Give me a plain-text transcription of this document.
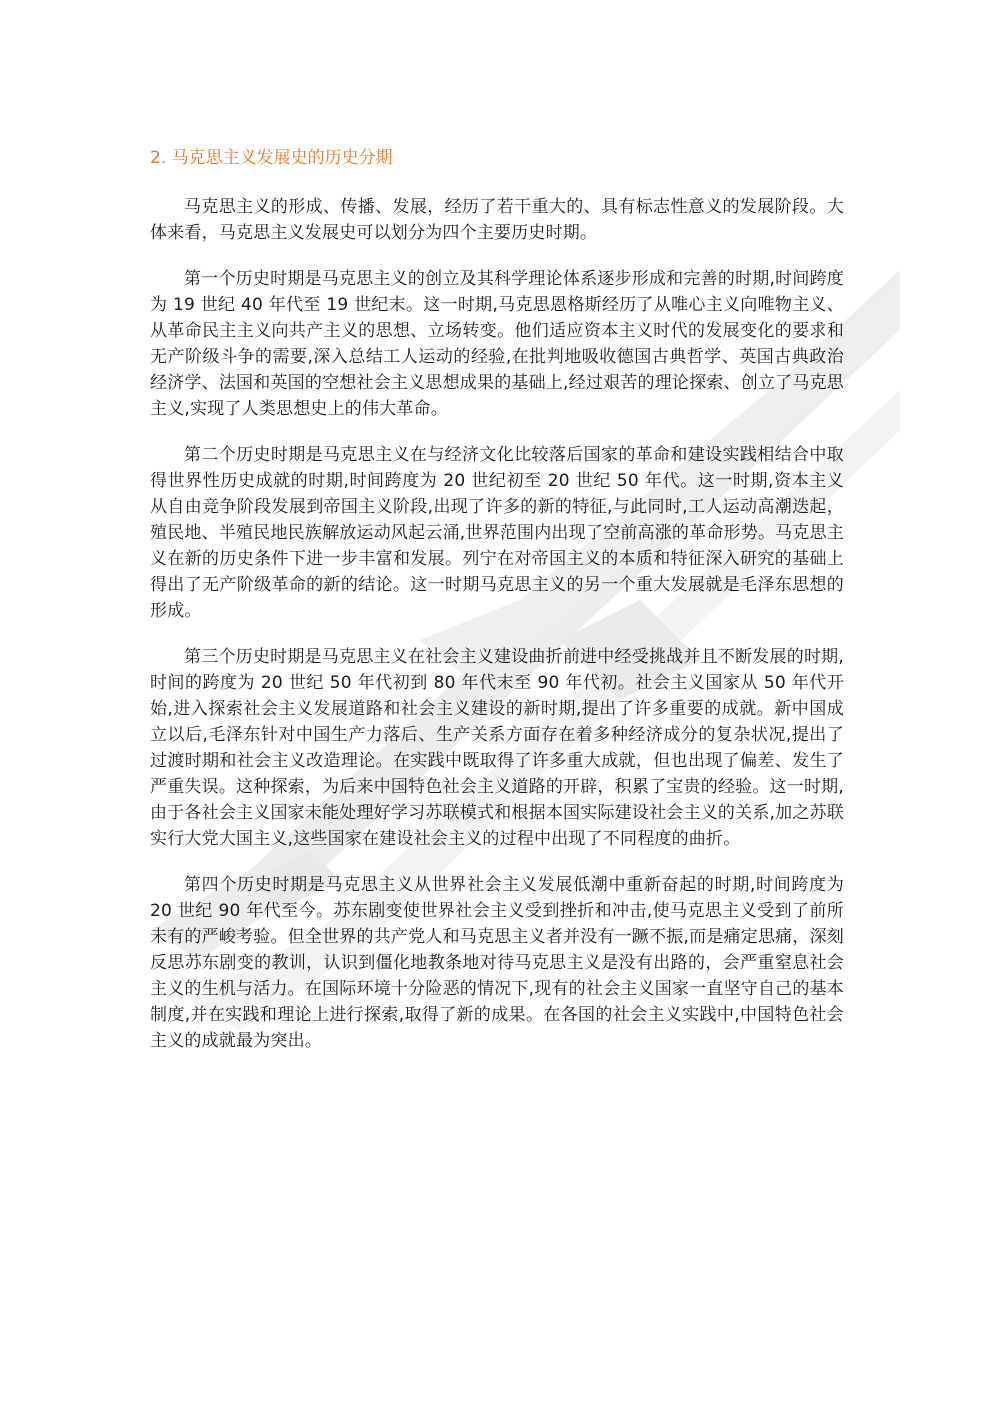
2. 马克思主义发展史的历史分期

马克思主义的形成、传播、发展，经历了若干重大的、具有标志性意义的发展阶段。大体来看，马克思主义发展史可以划分为四个主要历史时期。

第一个历史时期是马克思主义的创立及其科学理论体系逐步形成和完善的时期,时间跨度为 19 世纪 40 年代至 19 世纪末。这一时期,马克思恩格斯经历了从唯心主义向唯物主义、从革命民主主义向共产主义的思想、立场转变。他们适应资本主义时代的发展变化的要求和无产阶级斗争的需要,深入总结工人运动的经验,在批判地吸收德国古典哲学、英国古典政治经济学、法国和英国的空想社会主义思想成果的基础上,经过艰苦的理论探索、创立了马克思主义,实现了人类思想史上的伟大革命。

第二个历史时期是马克思主义在与经济文化比较落后国家的革命和建设实践相结合中取得世界性历史成就的时期,时间跨度为 20 世纪初至 20 世纪 50 年代。这一时期,资本主义从自由竞争阶段发展到帝国主义阶段,出现了许多的新的特征,与此同时,工人运动高潮迭起，殖民地、半殖民地民族解放运动风起云涌,世界范围内出现了空前高涨的革命形势。马克思主义在新的历史条件下进一步丰富和发展。列宁在对帝国主义的本质和特征深入研究的基础上得出了无产阶级革命的新的结论。这一时期马克思主义的另一个重大发展就是毛泽东思想的形成。

第三个历史时期是马克思主义在社会主义建设曲折前进中经受挑战并且不断发展的时期,时间的跨度为 20 世纪 50 年代初到 80 年代末至 90 年代初。社会主义国家从 50 年代开始,进入探索社会主义发展道路和社会主义建设的新时期,提出了许多重要的成就。新中国成立以后,毛泽东针对中国生产力落后、生产关系方面存在着多种经济成分的复杂状况,提出了过渡时期和社会主义改造理论。在实践中既取得了许多重大成就，但也出现了偏差、发生了严重失误。这种探索，为后来中国特色社会主义道路的开辟，积累了宝贵的经验。这一时期,由于各社会主义国家未能处理好学习苏联模式和根据本国实际建设社会主义的关系,加之苏联实行大党大国主义,这些国家在建设社会主义的过程中出现了不同程度的曲折。

第四个历史时期是马克思主义从世界社会主义发展低潮中重新奋起的时期,时间跨度为 20 世纪 90 年代至今。苏东剧变使世界社会主义受到挫折和冲击,使马克思主义受到了前所未有的严峻考验。但全世界的共产党人和马克思主义者并没有一蹶不振,而是痛定思痛，深刻反思苏东剧变的教训，认识到僵化地教条地对待马克思主义是没有出路的，会严重窒息社会主义的生机与活力。在国际环境十分险恶的情况下,现有的社会主义国家一直坚守自己的基本制度,并在实践和理论上进行探索,取得了新的成果。在各国的社会主义实践中,中国特色社会主义的成就最为突出。
